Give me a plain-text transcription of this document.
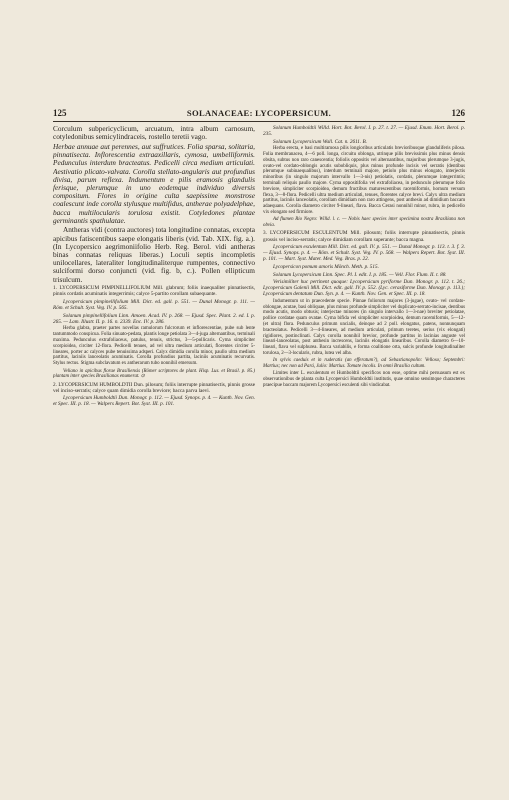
125	SOLANACEAE: LYCOPERSICUM.	126

Corculum subpericyclicum, arcuatum, intra album carnosum, cotyledonibus semicylindraceis, rostello teretii vago.

Herbae annuae aut perennes, aut suffrutices. Folia sparsa, solitaria, pinnatisecta. Inflorescentia extraaxillaris, cymosa, umbelliformis. Pedunculus interdum bracteatus. Pedicelli circa medium articulati. Aestivatio plicato-valvata. Corolla stellato-angularis aut profundius divisa, parum reflexa. Indumentum e pilis eramosis glandulis ferisque, plerumque in uno eodemque individuo diversis compositum. Flores in origine culta saepissime monstrose coalescunt inde corolla stylusque multifidus, antherae polyadelphae, bacca multilocularis torulosa existit. Cotyledones plantae germinantis spathulatae.

Antheras vidi (contra auctores) tota longitudine connatas, excepta apicibus fatiscentibus saepe elongatis liberis (vid. Tab. XIX. fig. a.). (In Lycopersico aegrimoniifolio Herb. Reg. Berol. vidi antheras binas connatas reliquas liberas.) Loculi septis incompletis unilocellares, lateraliter longitudinaliterque rumpentes, connectivo sulciformi dorso conjuncti (vid. fig. b, c.). Pollen ellipticum trisulcum.

1. LYCOPERSICUM PIMPINELLIFOLIUM Mill. glabrum; foliis inaequaliter pinnatisectis, pinnis cordatis acuminatis integerrimis; calyce 5-partito corollam subaequante.

Lycopersicum pimpinellifolium Mill. Dict. ed. gall. p. 551. — Dunal Monogr. p. 111. — Röm. et Schult. Syst. Veg. IV. p. 565.

Solanum pimpinellifolium Linn. Amoen. Acad. IV. p. 268. — Ejusd. Spec. Plant. 2. ed. I. p. 265. — Lam. Illustr. II. p. 16. n. 2339. Enc. IV. p. 286.

Herba glabra, praeter partes novellas ramulorum fulcrorum et inflorescentiae, pube sub lente tantummodo conspicua. Folia sinuato-pedata, plantis longe petiolata 3—4-juga alternantibus, terminali maxima. Pedunculus extrafoliaceus, patulus, tenuis, strictus, 3—5-pollicaris. Cyma simpliciter scorpioidea, circiter 12-flora. Pedicelli tenues, ad vel ultra medium articulati, florentes circiter 5-lineares, porter ac calyces pube tenuissima adsperi. Calyx dimidia corolla minor, paullo ultra medium partitus, laciniis lanceolatis acuminatis. Corolla profundius partita, laciniis acuminatis recurvatis. Stylus rectus. Stigma subclavatum ex antherarum tubo nonnihil emersum.

Veliano in apicibus florae Brasiliensis (Römer scriptores de plant. Hisp. Lus. et Brasil. p. 85.) plantam inter species Brasilianas enumerat. ⊙

2. LYCOPERSICUM HUMBOLDTII Dun. pilosum; foliis interrupte pinnatisectis, pinnis grosse vel inciso-serratis; calyce quam dimidia corolla breviore; bacca parva laevi.

Lycopersicum Humboldtii Dun. Monogr. p. 112. — Ejusd. Synops. p. 4. — Kunth. Nov. Gen. et Spec. III. p. 18. — Walpers Repert. Bot. Syst. III. p. 101.

Solanum Humboldtii Willd. Hort. Bot. Berol. I. p. 27. t. 27. — Ejusd. Enum. Hort. Berol. p. 235.

Solanum Lycopersicum Wall. Cat. n. 2611. B.

Herba erecta, e basi multiramosa pilis longioribus articulatis brevioribusque glanduliferis pilosa. Folia membranacea, 4—6 poll. longa, circuitu oblonga, utrinque pilis brevissimis plus minus densis obsita, subtus non raro canescentia; foliolis oppositis vel alternantibus, majoribus plerumque 3-jugis, ovato-vel cordato-oblongis acutis subobliquis, plus minus profunde incisis vel serratis (dentibus plerumque subinaequalibus), interdum terminali majore, petiolo plus minus elongato, interjectis minoribus (in singulo majorum intervallo 1—3-nis) petiolatis, cordatis, plerumque integerrimis; terminali reliquis paullo majore. Cyma oppositifolia vel extrafoliacea, in pedunculo plerumque folio breviore, simpliciter scorpioidea, demum fructibus maturescentibus racemiformis, hornum versum flexa, 3—8-flora. Pedicelli ultra medium articulati, tenues, florentes calyce brevi. Calyx ultra medium partitus, laciniis lanceolatis, corollam dimidiam non raro attingens, post anthesin ad dimidium baccam adaequans. Corolla diametro circiter 9-lineari, flava. Bacca Cerasi nonnihil minor, rubra, in pedicello vix elongato sed firmiore.

Ad flumen Rio Negro: Willd. l. c. — Nobis haec species inter specimina nostra Brasiliana non obvia.

3. LYCOPERSICUM ESCULENTUM Mill. pilosum; foliis interrupte pinnatisectis, pinnis grossis vel inciso-serratis; calyce dimidiam corollam superante; bacca magna.

Lycopersicum esculentum Mill. Dict. ed. gall. IV. p. 551. — Dunal Monogr. p. 113. t. 3. f. 3. — Ejusd. Synops. p. 4. — Röm. et Schult. Syst. Veg. IV. p. 568. — Walpers Repert. Bot. Syst. III. p. 101. — Mart. Syst. Mater. Med. Veg. Bras. p. 22.

Lycopersicon pomum amoris Mönch. Meth. p. 515.

Solanum Lycopersicum Linn. Spec. Pl. I. edit. I. p. 185. — Vell. Flor. Flum. II. t. 88.

Verisimiliter huc pertinent quoque: Lycopersicum pyriforme Dun. Monogr. p. 112. t. 26.; Lycopersicum Galenii Mill. Dict. edit. gall. IV. p. 552. (Lyc. cerasiforme Dun. Monogr. p. 113.); Lycopersicum dentatum Dun. Syn. p. 4. — Kunth. Nov. Gen. et Spec. III. p. 18.

Indumentum ut in praecedente specie. Pinnae foliorum majores (3-jugae), ovato- vel cordato-oblongae, acutae, basi obliquae, plus minus profunde simpliciter vel duplicato-serrato-incisae, dentibus modo acutis, modo obtusis; interjectae minores (in singulo intervallo 1—3-nae) breviter petiolatae, pollice cordatae quam ovatae. Cyma bifida vel simpliciter scorpioidea, demum racemiformis, 5—12- (et ultra) flora. Pedunculus primum uncialis, deinque ad 2 poll. elongatus, patens, nonnunquam bracteolatus. Pedicelli 3—4-lineares, ad medium articulati, primum teretes, serius (vix elongati) rigidiores, postinclinati. Calyx corolla nonnihil brevior, profunde partitus in lacinias anguste vel lineari-lanceolatas, post anthesin increscens, laciniis elongatis linearibus. Corolla diametro 6—10-lineari, flava vel sulphurea. Bacca variabilis, e forma coalitione orta, sulcis profunde longitudinaliter torulosa, 2—3-locularis, rubra, lutea vel alba.

In sylvis caeduis et in ruderatis (an efferatum?), ad Sebastianopolin: Velloso; Septembri: Martius; nec non ad Pará, Julio: Martius. Tomate incolis. In omni Brasilia cultum.

Limites inter L. esculentum et Humboldtii specificos non esse, optime mihi persuasum est ex observationibus de planta culta Lycopersici Humboldtii institutis, quae omnino sensimque characteres praecipue baccam majorem Lycopersici esculenti sibi vindicabat.
